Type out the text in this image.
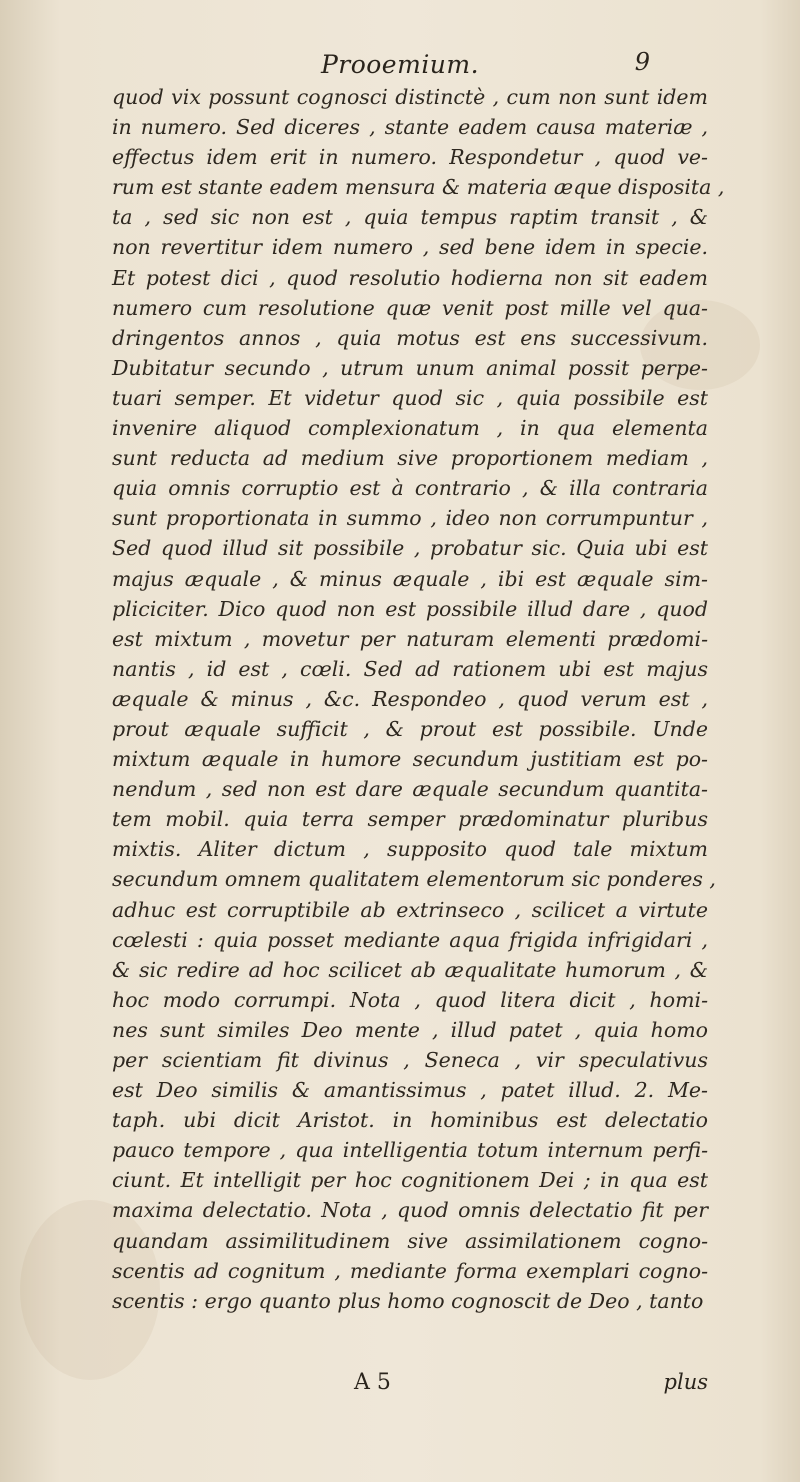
Prooemium.	9
quod vix possunt cognosci distinctè , cum non sunt idem
in numero. Sed diceres , stante eadem causa materiæ ,
effectus idem erit in numero. Respondetur , quod ve-
rum est stante eadem mensura & materia æque dispositа ,
ta , sed sic non est , quia tempus raptim transit , &
non revertitur idem numero , sed bene idem in specie.
Et potest dici , quod resolutio hodierna non sit eadem
numero cum resolutione quæ venit post mille vel qua-
dringentos annos , quia motus est ens successivum.
Dubitatur secundo , utrum unum animal possit perpe-
tuari semper. Et videtur quod sic , quia possibile est
invenire aliquod complexionatum , in qua elementa
sunt reducta ad medium sive proportionem mediam ,
quia omnis corruptio est à contrario , & illa contraria
sunt proportionata in summo , ideo non corrumpuntur ,
Sed quod illud sit possibile , probatur sic. Quia ubi est
majus æquale , & minus æquale , ibi est æquale sim-
pliciciter. Dico quod non est possibile illud dare , quod
est mixtum , movetur per naturam elementi prædomi-
nantis , id est , cœli. Sed ad rationem ubi est majus
æquale & minus , &c. Respondeo , quod verum est ,
prout æquale sufficit , & prout est possibile. Unde
mixtum æquale in humore secundum justitiam est po-
nendum , sed non est dare æquale secundum quantita-
tem mobil. quia terra semper prædominatur pluribus
mixtis. Aliter dictum , supposito quod tale mixtum
secundum omnem qualitatem elementorum sic ponderes ,
adhuc est corruptibile ab extrinseco , scilicet a virtute
cœlesti : quia posset mediante aqua frigida infrigidari ,
& sic redire ad hoc scilicet ab æqualitate humorum , &
hoc modo corrumpi. Nota , quod litera dicit , homi-
nes sunt similes Deo mente , illud patet , quia homo
per scientiam fit divinus , Seneca , vir speculativus
est Deo similis & amantissimus , patet illud. 2. Me-
taph. ubi dicit Aristot. in hominibus est delectatio
pauco tempore , qua intelligentia totum internum perfi-
ciunt. Et intelligit per hoc cognitionem Dei ; in qua est
maxima delectatio. Nota , quod omnis delectatio fit per
quandam assimilitudinem sive assimilationem cogno-
scentis ad cognitum , mediante forma exemplari cogno-
scentis : ergo quanto plus homo cognoscit de Deo , tanto
A 5	plus
